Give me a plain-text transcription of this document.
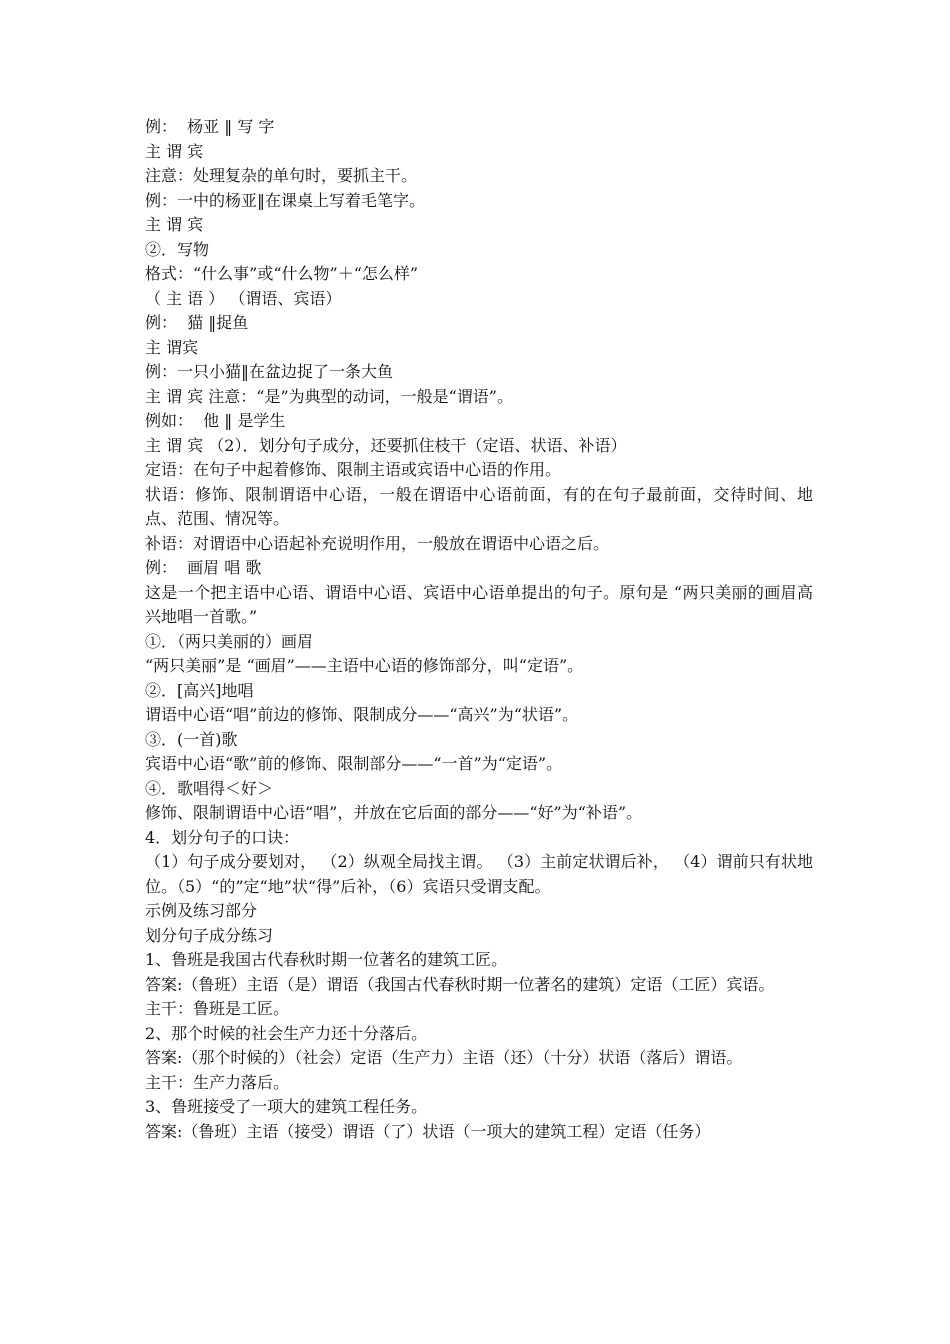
例：  杨亚 ‖ 写 字

主 谓 宾

注意：处理复杂的单句时，要抓主干。

例：一中的杨亚‖在课桌上写着毛笔字。

主 谓 宾

②．写物

格式：“什么事”或“什么物”＋“怎么样”

（ 主 语 ） （谓语、宾语）

例：  猫 ‖捉鱼

主 谓宾

例：一只小猫‖在盆边捉了一条大鱼

主 谓 宾 注意：“是”为典型的动词，一般是“谓语”。

例如：  他 ‖ 是学生

主 谓 宾 （2）．划分句子成分，还要抓住枝干（定语、状语、补语）

定语：在句子中起着修饰、限制主语或宾语中心语的作用。

状语：修饰、限制谓语中心语，一般在谓语中心语前面，有的在句子最前面，交待时间、地点、范围、情况等。

补语：对谓语中心语起补充说明作用，一般放在谓语中心语之后。

例：  画眉 唱 歌

这是一个把主语中心语、谓语中心语、宾语中心语单提出的句子。原句是 “两只美丽的画眉高兴地唱一首歌。”

①．（两只美丽的）画眉

“两只美丽”是 “画眉”——主语中心语的修饰部分，叫“定语”。

②．[高兴]地唱

谓语中心语“唱”前边的修饰、限制成分——“高兴”为“状语”。

③．(一首)歌

宾语中心语“歌”前的修饰、限制部分——“一首”为“定语”。

④．歌唱得＜好＞

修饰、限制谓语中心语“唱”，并放在它后面的部分——“好”为“补语”。

4．划分句子的口诀：

（1）句子成分要划对， （2）纵观全局找主谓。 （3）主前定状谓后补， （4）谓前只有状地位。（5）“的”定“地”状“得”后补，（6）宾语只受谓支配。

示例及练习部分

划分句子成分练习

1、鲁班是我国古代春秋时期一位著名的建筑工匠。

答案:（鲁班）主语（是）谓语（我国古代春秋时期一位著名的建筑）定语（工匠）宾语。

主干：鲁班是工匠。

2、那个时候的社会生产力还十分落后。

答案:（那个时候的）（社会）定语（生产力）主语（还）（十分）状语（落后）谓语。

主干：生产力落后。

3、鲁班接受了一项大的建筑工程任务。

答案:（鲁班）主语（接受）谓语（了）状语（一项大的建筑工程）定语（任务）
